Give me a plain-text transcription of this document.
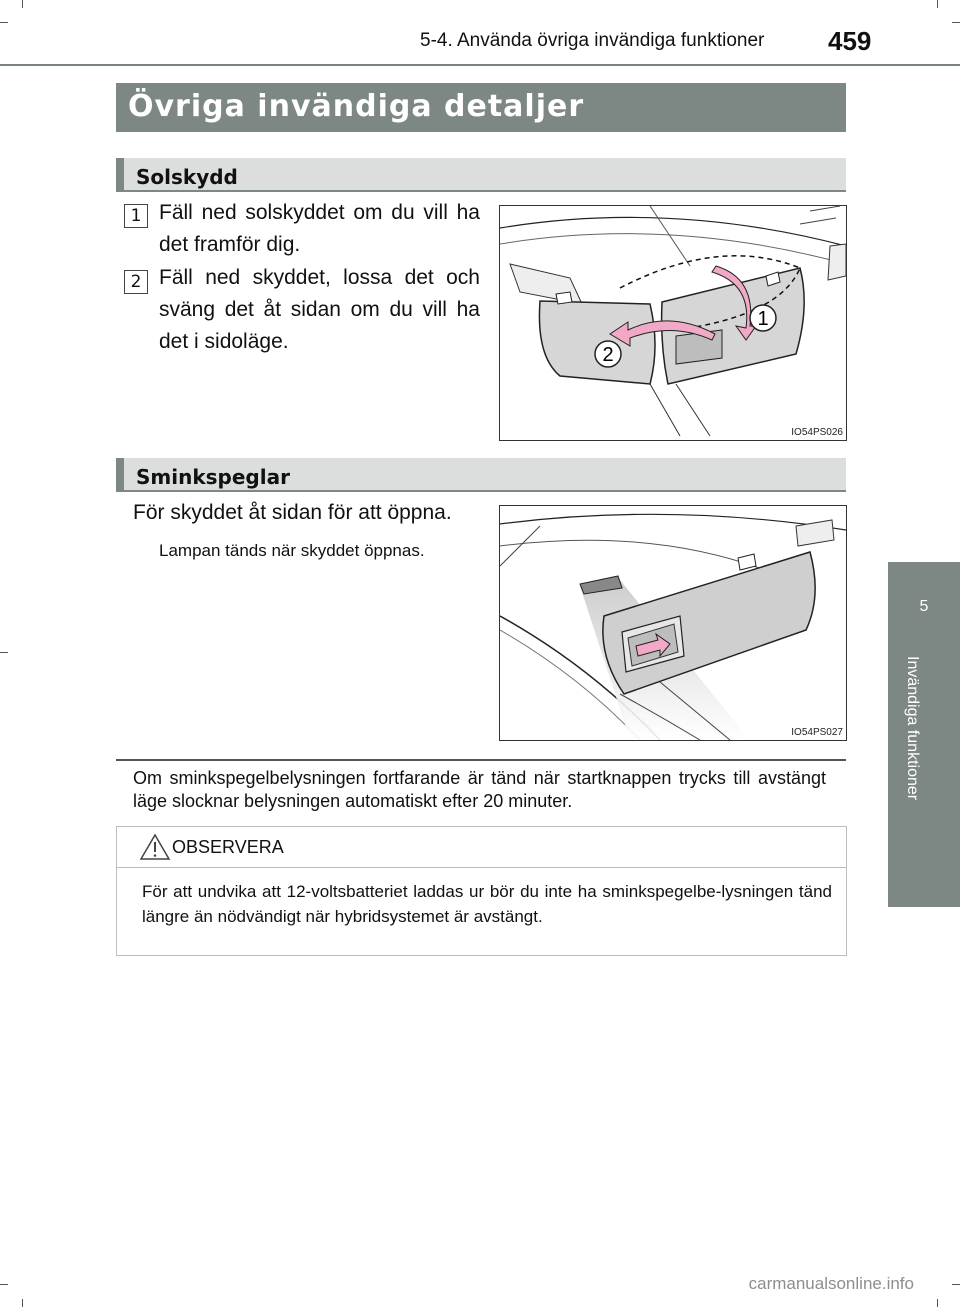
5-4. Använda övriga invändiga funktioner 459
Övriga invändiga detaljer
Solskydd
1 Fäll ned solskyddet om du vill ha det framför dig.
2 Fäll ned skyddet, lossa det och sväng det åt sidan om du vill ha det i sidoläge.
1
2
IO54PS026
Sminkspeglar
För skyddet åt sidan för att öppna.
Lampan tänds när skyddet öppnas.
IO54PS027
Om sminkspegelbelysningen fortfarande är tänd när startknappen trycks till avstängt läge slocknar belysningen automatiskt efter 20 minuter.
OBSERVERA
För att undvika att 12-voltsbatteriet laddas ur bör du inte ha sminkspegelbe-lysningen tänd längre än nödvändigt när hybridsystemet är avstängt.
5
Invändiga funktioner
carmanualsonline.info
